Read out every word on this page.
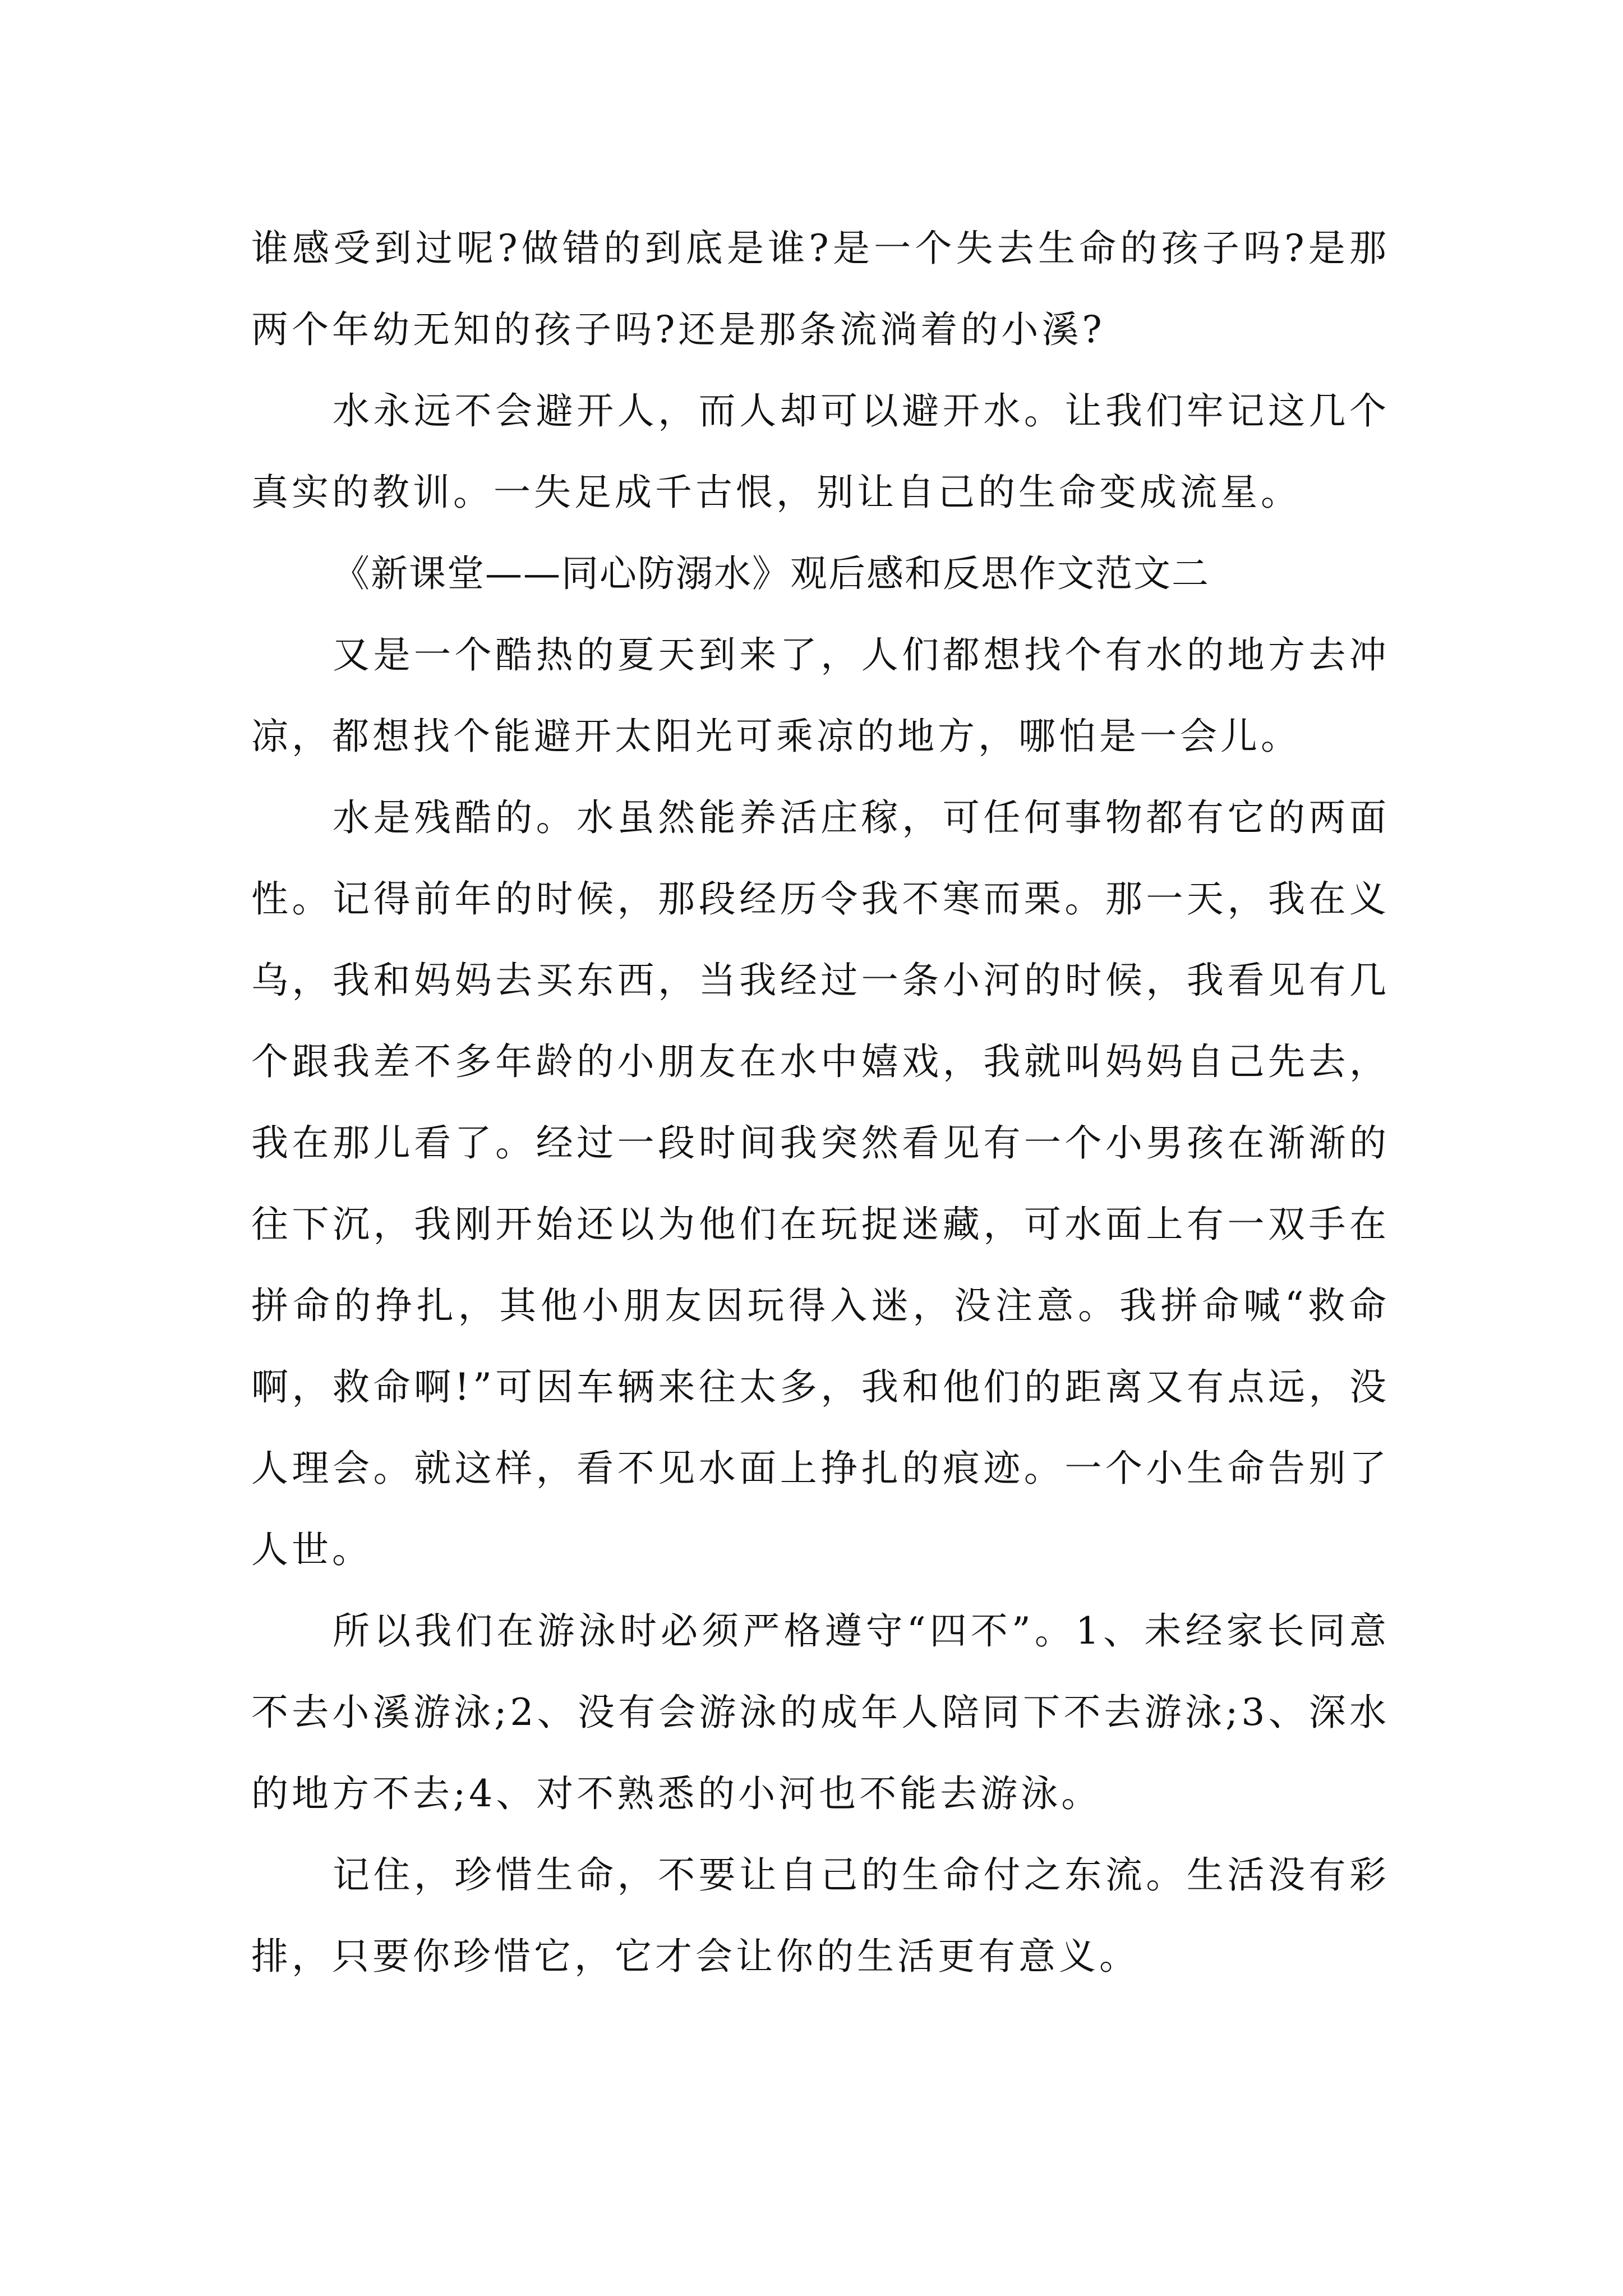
谁感受到过呢?做错的到底是谁?是一个失去生命的孩子吗?是那两个年幼无知的孩子吗?还是那条流淌着的小溪?

水永远不会避开人，而人却可以避开水。让我们牢记这几个真实的教训。一失足成千古恨，别让自己的生命变成流星。

《新课堂——同心防溺水》观后感和反思作文范文二

又是一个酷热的夏天到来了，人们都想找个有水的地方去冲凉，都想找个能避开太阳光可乘凉的地方，哪怕是一会儿。

水是残酷的。水虽然能养活庄稼，可任何事物都有它的两面性。记得前年的时候，那段经历令我不寒而栗。那一天，我在义乌，我和妈妈去买东西，当我经过一条小河的时候，我看见有几个跟我差不多年龄的小朋友在水中嬉戏，我就叫妈妈自己先去，我在那儿看了。经过一段时间我突然看见有一个小男孩在渐渐的往下沉，我刚开始还以为他们在玩捉迷藏，可水面上有一双手在拼命的挣扎，其他小朋友因玩得入迷，没注意。我拼命喊“救命啊，救命啊!”可因车辆来往太多，我和他们的距离又有点远，没人理会。就这样，看不见水面上挣扎的痕迹。一个小生命告别了人世。

所以我们在游泳时必须严格遵守“四不”。1、未经家长同意不去小溪游泳;2、没有会游泳的成年人陪同下不去游泳;3、深水的地方不去;4、对不熟悉的小河也不能去游泳。

记住，珍惜生命，不要让自己的生命付之东流。生活没有彩排，只要你珍惜它，它才会让你的生活更有意义。
